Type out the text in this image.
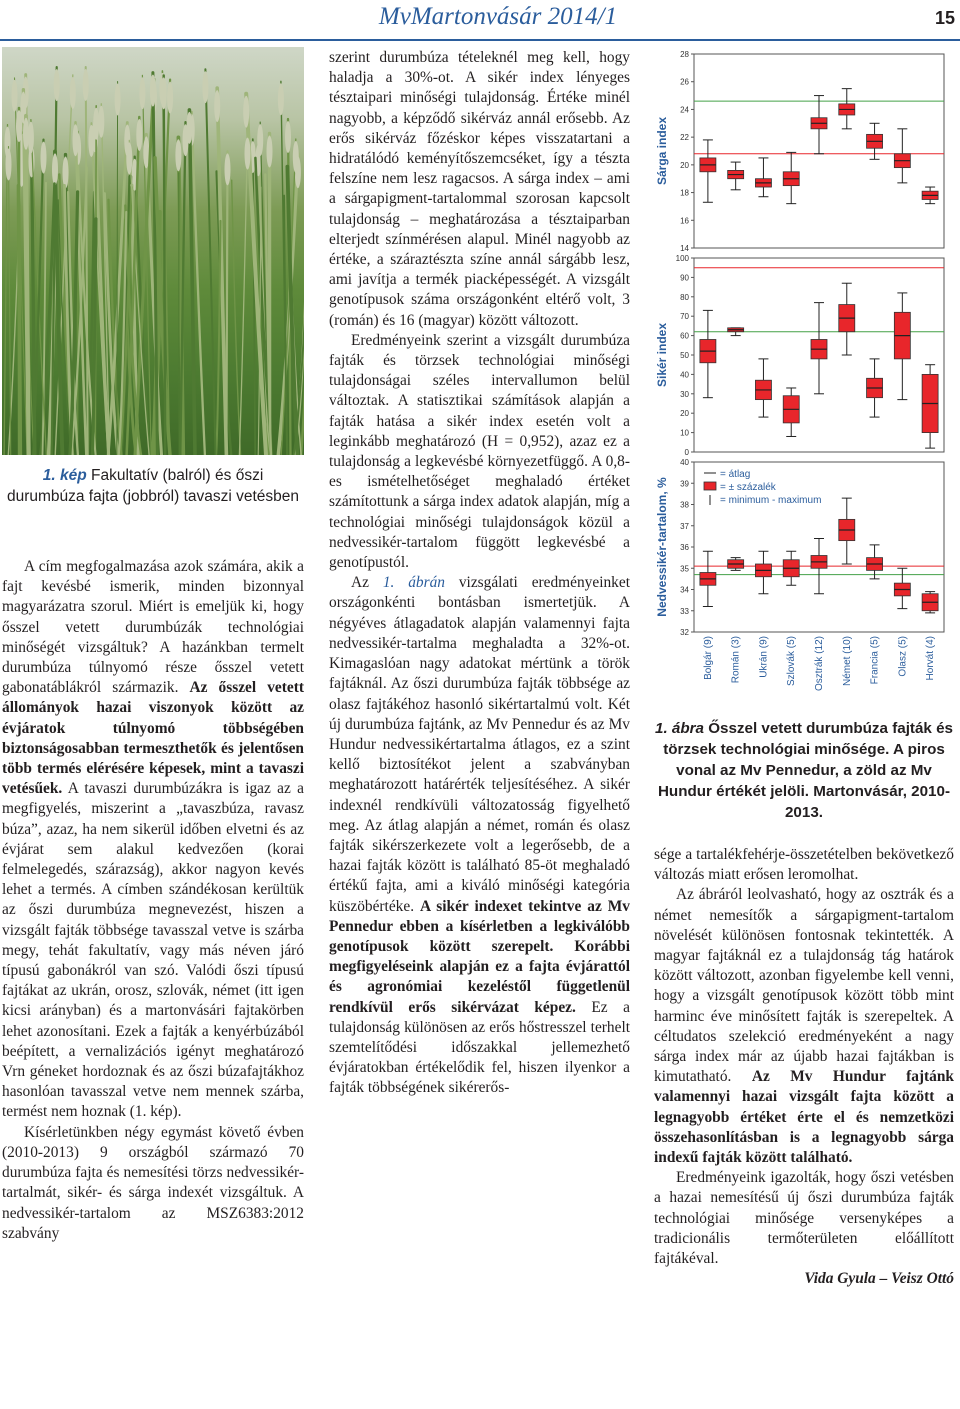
MvMartonvásár 2014/1	15
1. kép Fakultatív (balról) és őszi durumbúza fajta (jobbról) tavaszi vetésben

A cím megfogalmazása azok számára, akik a fajt kevésbé ismerik, minden bizonnyal magyarázatra szorul. Miért is emeljük ki, hogy ősszel vetett durumbúzák technológiai minőségét vizsgáltuk? A hazánkban termelt durumbúza túlnyomó része ősszel vetett gabonatáblákról származik. Az ősszel vetett állományok hazai viszonyok között az évjáratok túlnyomó többségében biztonságosabban termeszthetők és jelentősen több termés elérésére képesek, mint a tavaszi vetésűek. A tavaszi durumbúzákra is igaz az a megfigyelés, miszerint a „tavaszbúza, ravasz búza”, azaz, ha nem sikerül időben elvetni és az évjárat sem alakul kedvezően (korai felmelegedés, szárazság), akkor nagyon kevés lehet a termés. A címben szándékosan kerültük az őszi durumbúza megnevezést, hiszen a vizsgált fajták többsége tavasszal vetve is szárba megy, tehát fakultatív, vagy más néven járó típusú gabonákról van szó. Valódi őszi típusú fajtákat az ukrán, orosz, szlovák, német (itt igen kicsi arányban) és a martonvásári fajtakörben lehet azonosítani. Ezek a fajták a kenyérbúzából beépített, a vernalizációs igényt meghatározó Vrn géneket hordoznak és az őszi búzafajtákhoz hasonlóan tavasszal vetve nem mennek szárba, termést nem hoznak (1. kép).

Kísérletünkben négy egymást követő évben (2010-2013) 9 országból származó 70 durumbúza fajta és nemesítési törzs nedvessikér-tartalmát, sikér- és sárga indexét vizsgáltuk. A nedvessikér-tartalom az MSZ6383:2012 szabvány

szerint durumbúza tételeknél meg kell, hogy haladja a 30%-ot. A sikér index lényeges tésztaipari minőségi tulajdonság. Értéke minél nagyobb, a képződő sikérváz annál erősebb. Az erős sikérváz főzéskor képes visszatartani a hidratálódó keményítőszemcséket, így a tészta felszíne nem lesz ragacsos. A sárga index – ami a sárgapigment-tartalommal szorosan kapcsolt tulajdonság – meghatározása a tésztaiparban elterjedt színmérésen alapul. Minél nagyobb az értéke, a száraztészta színe annál sárgább lesz, ami javítja a termék piacképességét. A vizsgált genotípusok száma országonként eltérő volt, 3 (román) és 16 (magyar) között változott.

Eredményeink szerint a vizsgált durumbúza fajták és törzsek technológiai minőségi tulajdonságai széles intervallumon belül változtak. A statisztikai számítások alapján a fajták hatása a sikér index esetén volt a leginkább meghatározó (H = 0,952), azaz ez a tulajdonság a legkevésbé környezetfüggő. A 0,8-es ismételhetőséget meghaladó értéket számítottunk a sárga index adatok alapján, míg a technológiai minőségi tulajdonságok közül a nedvessikér-tartalom függött legkevésbé a genotípustól.

Az 1. ábrán vizsgálati eredményeinket országonkénti bontásban ismertetjük. A négyéves átlagadatok alapján valamennyi fajta nedvessikér-tartalma meghaladta a 32%-ot. Kimagaslóan nagy adatokat mértünk a török fajtáknál. Az őszi durumbúza fajták többsége az olasz fajtákéhoz hasonló sikértartalmú volt. Két új durumbúza fajtánk, az Mv Pennedur és az Mv Hundur nedvessikértartalma átlagos, ez a szint kellő biztosítékot jelent a szabványban meghatározott határérték teljesítéséhez. A sikér indexnél rendkívüli változatosság figyelhető meg. Az átlag alapján a német, román és olasz fajták sikérszerkezete volt a legerősebb, de a hazai fajták között is található 85-öt meghaladó értékű fajta, ami a kiváló minőségi kategória küszöbértéke. A sikér indexet tekintve az Mv Pennedur ebben a kísérletben a legkiválóbb genotípusok között szerepelt. Korábbi megfigyeléseink alapján ez a fajta évjárattól és agronómiai kezeléstől függetlenül rendkívül erős sikérvázat képez. Ez a tulajdonság különösen az erős hőstresszel terhelt szemtelítődési időszakkal jellemezhető évjáratokban értékelődik fel, hiszen ilyenkor a fajták többségének sikérerős-

14
16
18
20
22
24
26
28
Sárga index
0
10
20
30
40
50
60
70
80
90
100
Sikér index
32
33
34
35
36
37
38
39
40
Nedvessikér-tartalom, %
= átlag
= ± százalék
= minimum - maximum
Bolgár (9) Román (3) Ukrán (9) Szlovák (5) Osztrák (12) Német (10) Francia (5) Olasz (5) Horvát (4)
1. ábra Ősszel vetett durumbúza fajták és törzsek technológiai minősége. A piros vonal az Mv Pennedur, a zöld az Mv Hundur értékét jelöli. Martonvásár, 2010-2013.

sége a tartalékfehérje-összetételben bekövetkező változás miatt erősen leromolhat.

Az ábráról leolvasható, hogy az osztrák és a német nemesítők a sárgapigment-tartalom növelését különösen fontosnak tekintették. A magyar fajtáknál ez a tulajdonság tág határok között változott, azonban figyelembe kell venni, hogy a vizsgált genotípusok között több mint harminc éve minősített fajták is szerepeltek. A céltudatos szelekció eredményeként a nagy sárga index már az újabb hazai fajtákban is kimutatható. Az Mv Hundur fajtánk valamennyi hazai vizsgált fajta között a legnagyobb értéket érte el és nemzetközi összehasonlításban is a legnagyobb sárga indexű fajták között található.

Eredményeink igazolták, hogy őszi vetésben a hazai nemesítésű új őszi durumbúza fajták technológiai minősége versenyképes a tradicionális termőterületen előállított fajtákéval.

Vida Gyula – Veisz Ottó
